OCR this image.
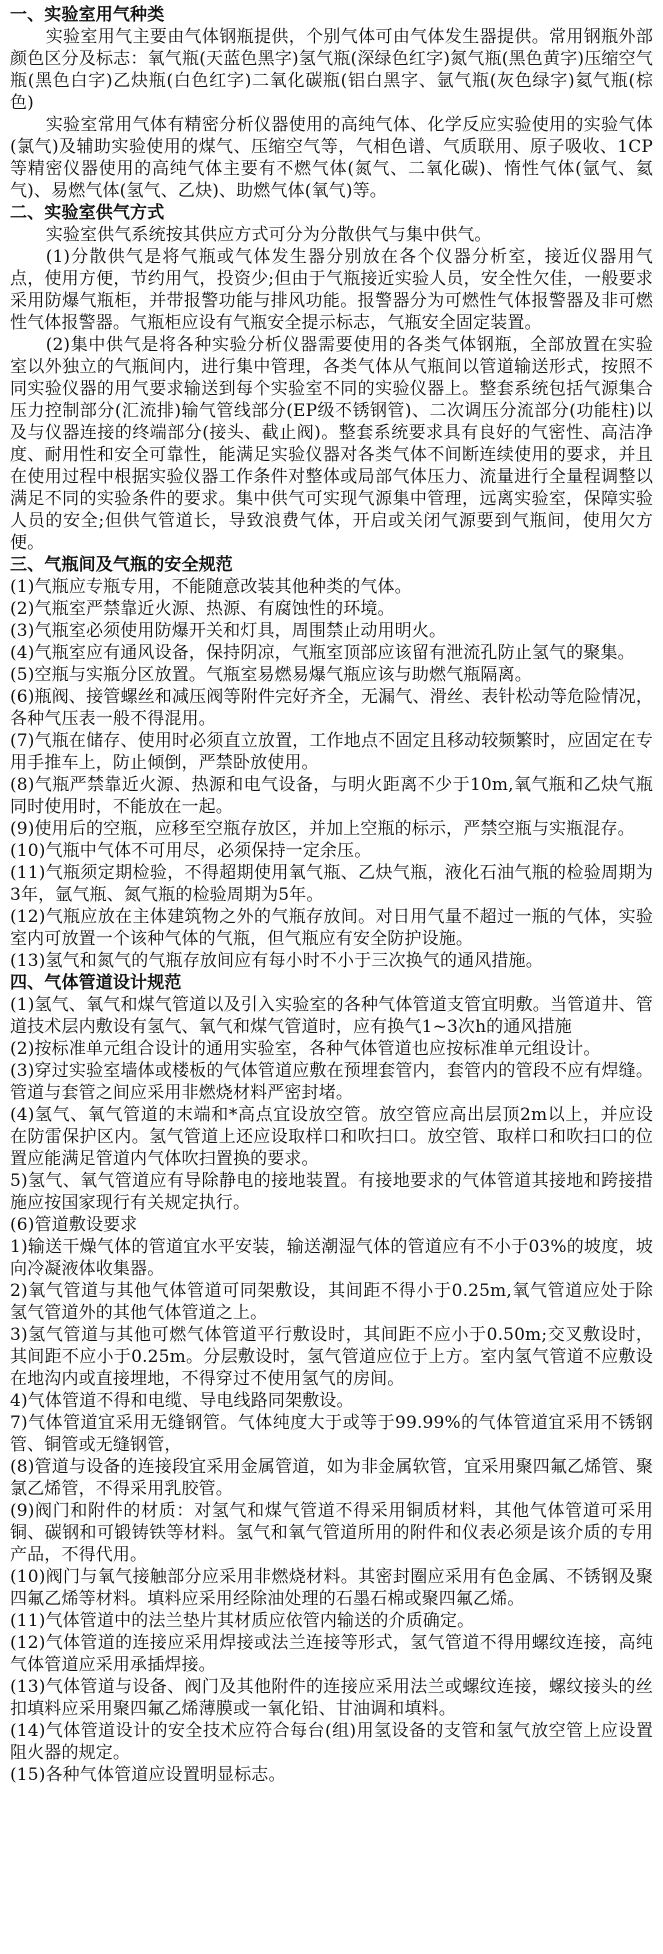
一、实验室用气种类
实验室用气主要由气体钢瓶提供，个别气体可由气体发生器提供。常用钢瓶外部颜色区分及标志：氧气瓶(天蓝色黑字)氢气瓶(深绿色红字)氮气瓶(黑色黄字)压缩空气瓶(黑色白字)乙炔瓶(白色红字)二氧化碳瓶(铝白黑字、氩气瓶(灰色绿字)氦气瓶(棕色)
实验室常用气体有精密分析仪器使用的高纯气体、化学反应实验使用的实验气体(氯气)及辅助实验使用的煤气、压缩空气等，气相色谱、气质联用、原子吸收、1CP等精密仪器使用的高纯气体主要有不燃气体(氮气、二氧化碳)、惰性气体(氩气、氦气)、易燃气体(氢气、乙炔)、助燃气体(氧气)等。
二、实验室供气方式
实验室供气系统按其供应方式可分为分散供气与集中供气。
(1)分散供气是将气瓶或气体发生器分别放在各个仪器分析室，接近仪器用气点，使用方便，节约用气，投资少;但由于气瓶接近实验人员，安全性欠佳，一般要求采用防爆气瓶柜，并带报警功能与排风功能。报警器分为可燃性气体报警器及非可燃性气体报警器。气瓶柜应设有气瓶安全提示标志，气瓶安全固定装置。
(2)集中供气是将各种实验分析仪器需要使用的各类气体钢瓶，全部放置在实验室以外独立的气瓶间内，进行集中管理，各类气体从气瓶间以管道输送形式，按照不同实验仪器的用气要求输送到每个实验室不同的实验仪器上。整套系统包括气源集合压力控制部分(汇流排)输气管线部分(EP级不锈钢管)、二次调压分流部分(功能柱)以及与仪器连接的终端部分(接头、截止阀)。整套系统要求具有良好的气密性、高洁净度、耐用性和安全可靠性，能满足实验仪器对各类气体不间断连续使用的要求，并且在使用过程中根据实验仪器工作条件对整体或局部气体压力、流量进行全量程调整以满足不同的实验条件的要求。集中供气可实现气源集中管理，远离实验室，保障实验人员的安全;但供气管道长，导致浪费气体，开启或关闭气源要到气瓶间，使用欠方便。
三、气瓶间及气瓶的安全规范
(1)气瓶应专瓶专用，不能随意改装其他种类的气体。
(2)气瓶室严禁靠近火源、热源、有腐蚀性的环境。
(3)气瓶室必须使用防爆开关和灯具，周围禁止动用明火。
(4)气瓶室应有通风设备，保持阴凉，气瓶室顶部应该留有泄流孔防止氢气的聚集。
(5)空瓶与实瓶分区放置。气瓶室易燃易爆气瓶应该与助燃气瓶隔离。
(6)瓶阀、接管螺丝和减压阀等附件完好齐全，无漏气、滑丝、表针松动等危险情况，各种气压表一般不得混用。
(7)气瓶在储存、使用时必须直立放置，工作地点不固定且移动较频繁时，应固定在专用手推车上，防止倾倒，严禁卧放使用。
(8)气瓶严禁靠近火源、热源和电气设备，与明火距离不少于10m,氧气瓶和乙炔气瓶同时使用时，不能放在一起。
(9)使用后的空瓶，应移至空瓶存放区，并加上空瓶的标示，严禁空瓶与实瓶混存。
(10)气瓶中气体不可用尽，必须保持一定余压。
(11)气瓶须定期检验，不得超期使用氧气瓶、乙炔气瓶，液化石油气瓶的检验周期为3年，氩气瓶、氮气瓶的检验周期为5年。
(12)气瓶应放在主体建筑物之外的气瓶存放间。对日用气量不超过一瓶的气体，实验室内可放置一个该种气体的气瓶，但气瓶应有安全防护设施。
(13)氢气和氮气的气瓶存放间应有每小时不小于三次换气的通风措施。
四、气体管道设计规范
(1)氢气、氧气和煤气管道以及引入实验室的各种气体管道支管宜明敷。当管道井、管道技术层内敷设有氢气、氧气和煤气管道时，应有换气1~3次h的通风措施
(2)按标准单元组合设计的通用实验室，各种气体管道也应按标准单元组设计。
(3)穿过实验室墙体或楼板的气体管道应敷在预埋套管内，套管内的管段不应有焊缝。管道与套管之间应采用非燃烧材料严密封堵。
(4)氢气、氧气管道的末端和*高点宜设放空管。放空管应高出层顶2m以上，并应设在防雷保护区内。氢气管道上还应设取样口和吹扫口。放空管、取样口和吹扫口的位置应能满足管道内气体吹扫置换的要求。
5)氢气、氧气管道应有导除静电的接地装置。有接地要求的气体管道其接地和跨接措施应按国家现行有关规定执行。
(6)管道敷设要求
1)输送干燥气体的管道宜水平安装，输送潮湿气体的管道应有不小于03%的坡度，坡向冷凝液体收集器。
2)氧气管道与其他气体管道可同架敷设，其间距不得小于0.25m,氧气管道应处于除氢气管道外的其他气体管道之上。
3)氢气管道与其他可燃气体管道平行敷设时，其间距不应小于0.50m;交叉敷设时，其间距不应小于0.25m。分层敷设时，氢气管道应位于上方。室内氢气管道不应敷设在地沟内或直接埋地，不得穿过不使用氢气的房间。
4)气体管道不得和电缆、导电线路同架敷设。
7)气体管道宜采用无缝钢管。气体纯度大于或等于99.99%的气体管道宜采用不锈钢管、铜管或无缝钢管，
(8)管道与设备的连接段宜采用金属管道，如为非金属软管，宜采用聚四氟乙烯管、聚氯乙烯管，不得采用乳胶管。
(9)阀门和附件的材质：对氢气和煤气管道不得采用铜质材料，其他气体管道可采用铜、碳钢和可锻铸铁等材料。氢气和氧气管道所用的附件和仪表必须是该介质的专用产品，不得代用。
(10)阀门与氧气接触部分应采用非燃烧材料。其密封圈应采用有色金属、不锈钢及聚四氟乙烯等材料。填料应采用经除油处理的石墨石棉或聚四氟乙烯。
(11)气体管道中的法兰垫片其材质应依管内输送的介质确定。
(12)气体管道的连接应采用焊接或法兰连接等形式，氢气管道不得用螺纹连接，高纯气体管道应采用承插焊接。
(13)气体管道与设备、阀门及其他附件的连接应采用法兰或螺纹连接，螺纹接头的丝扣填料应采用聚四氟乙烯薄膜或一氧化铅、甘油调和填料。
(14)气体管道设计的安全技术应符合每台(组)用氢设备的支管和氢气放空管上应设置阻火器的规定。
(15)各种气体管道应设置明显标志。
